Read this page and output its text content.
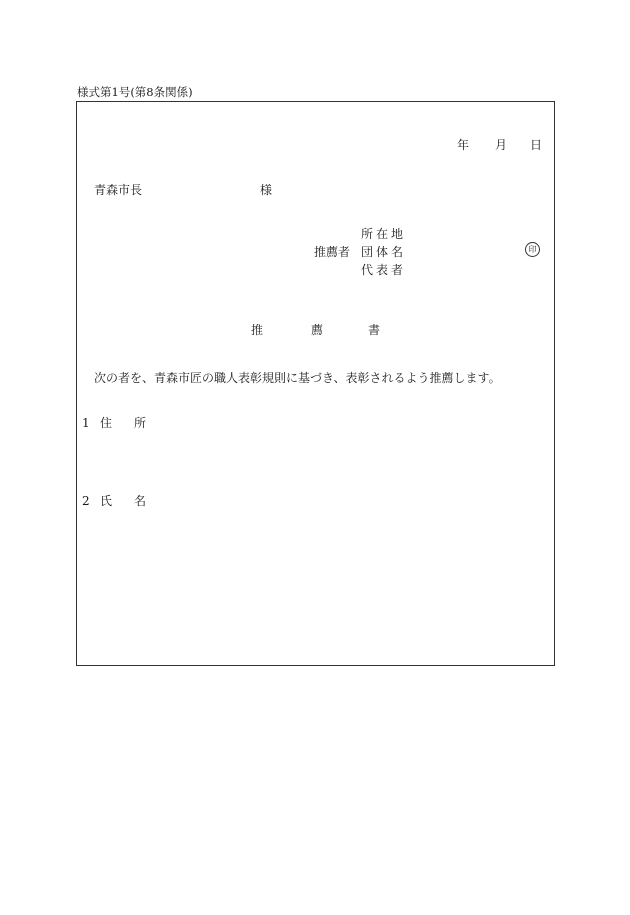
様式第1号(第8条関係)
年 月 日
青森市長	様
所在地
推薦者 団体名
代表者
印
推	薦	書
次の者を、青森市匠の職人表彰規則に基づき、表彰されるよう推薦します。
1 住 所
2 氏 名
